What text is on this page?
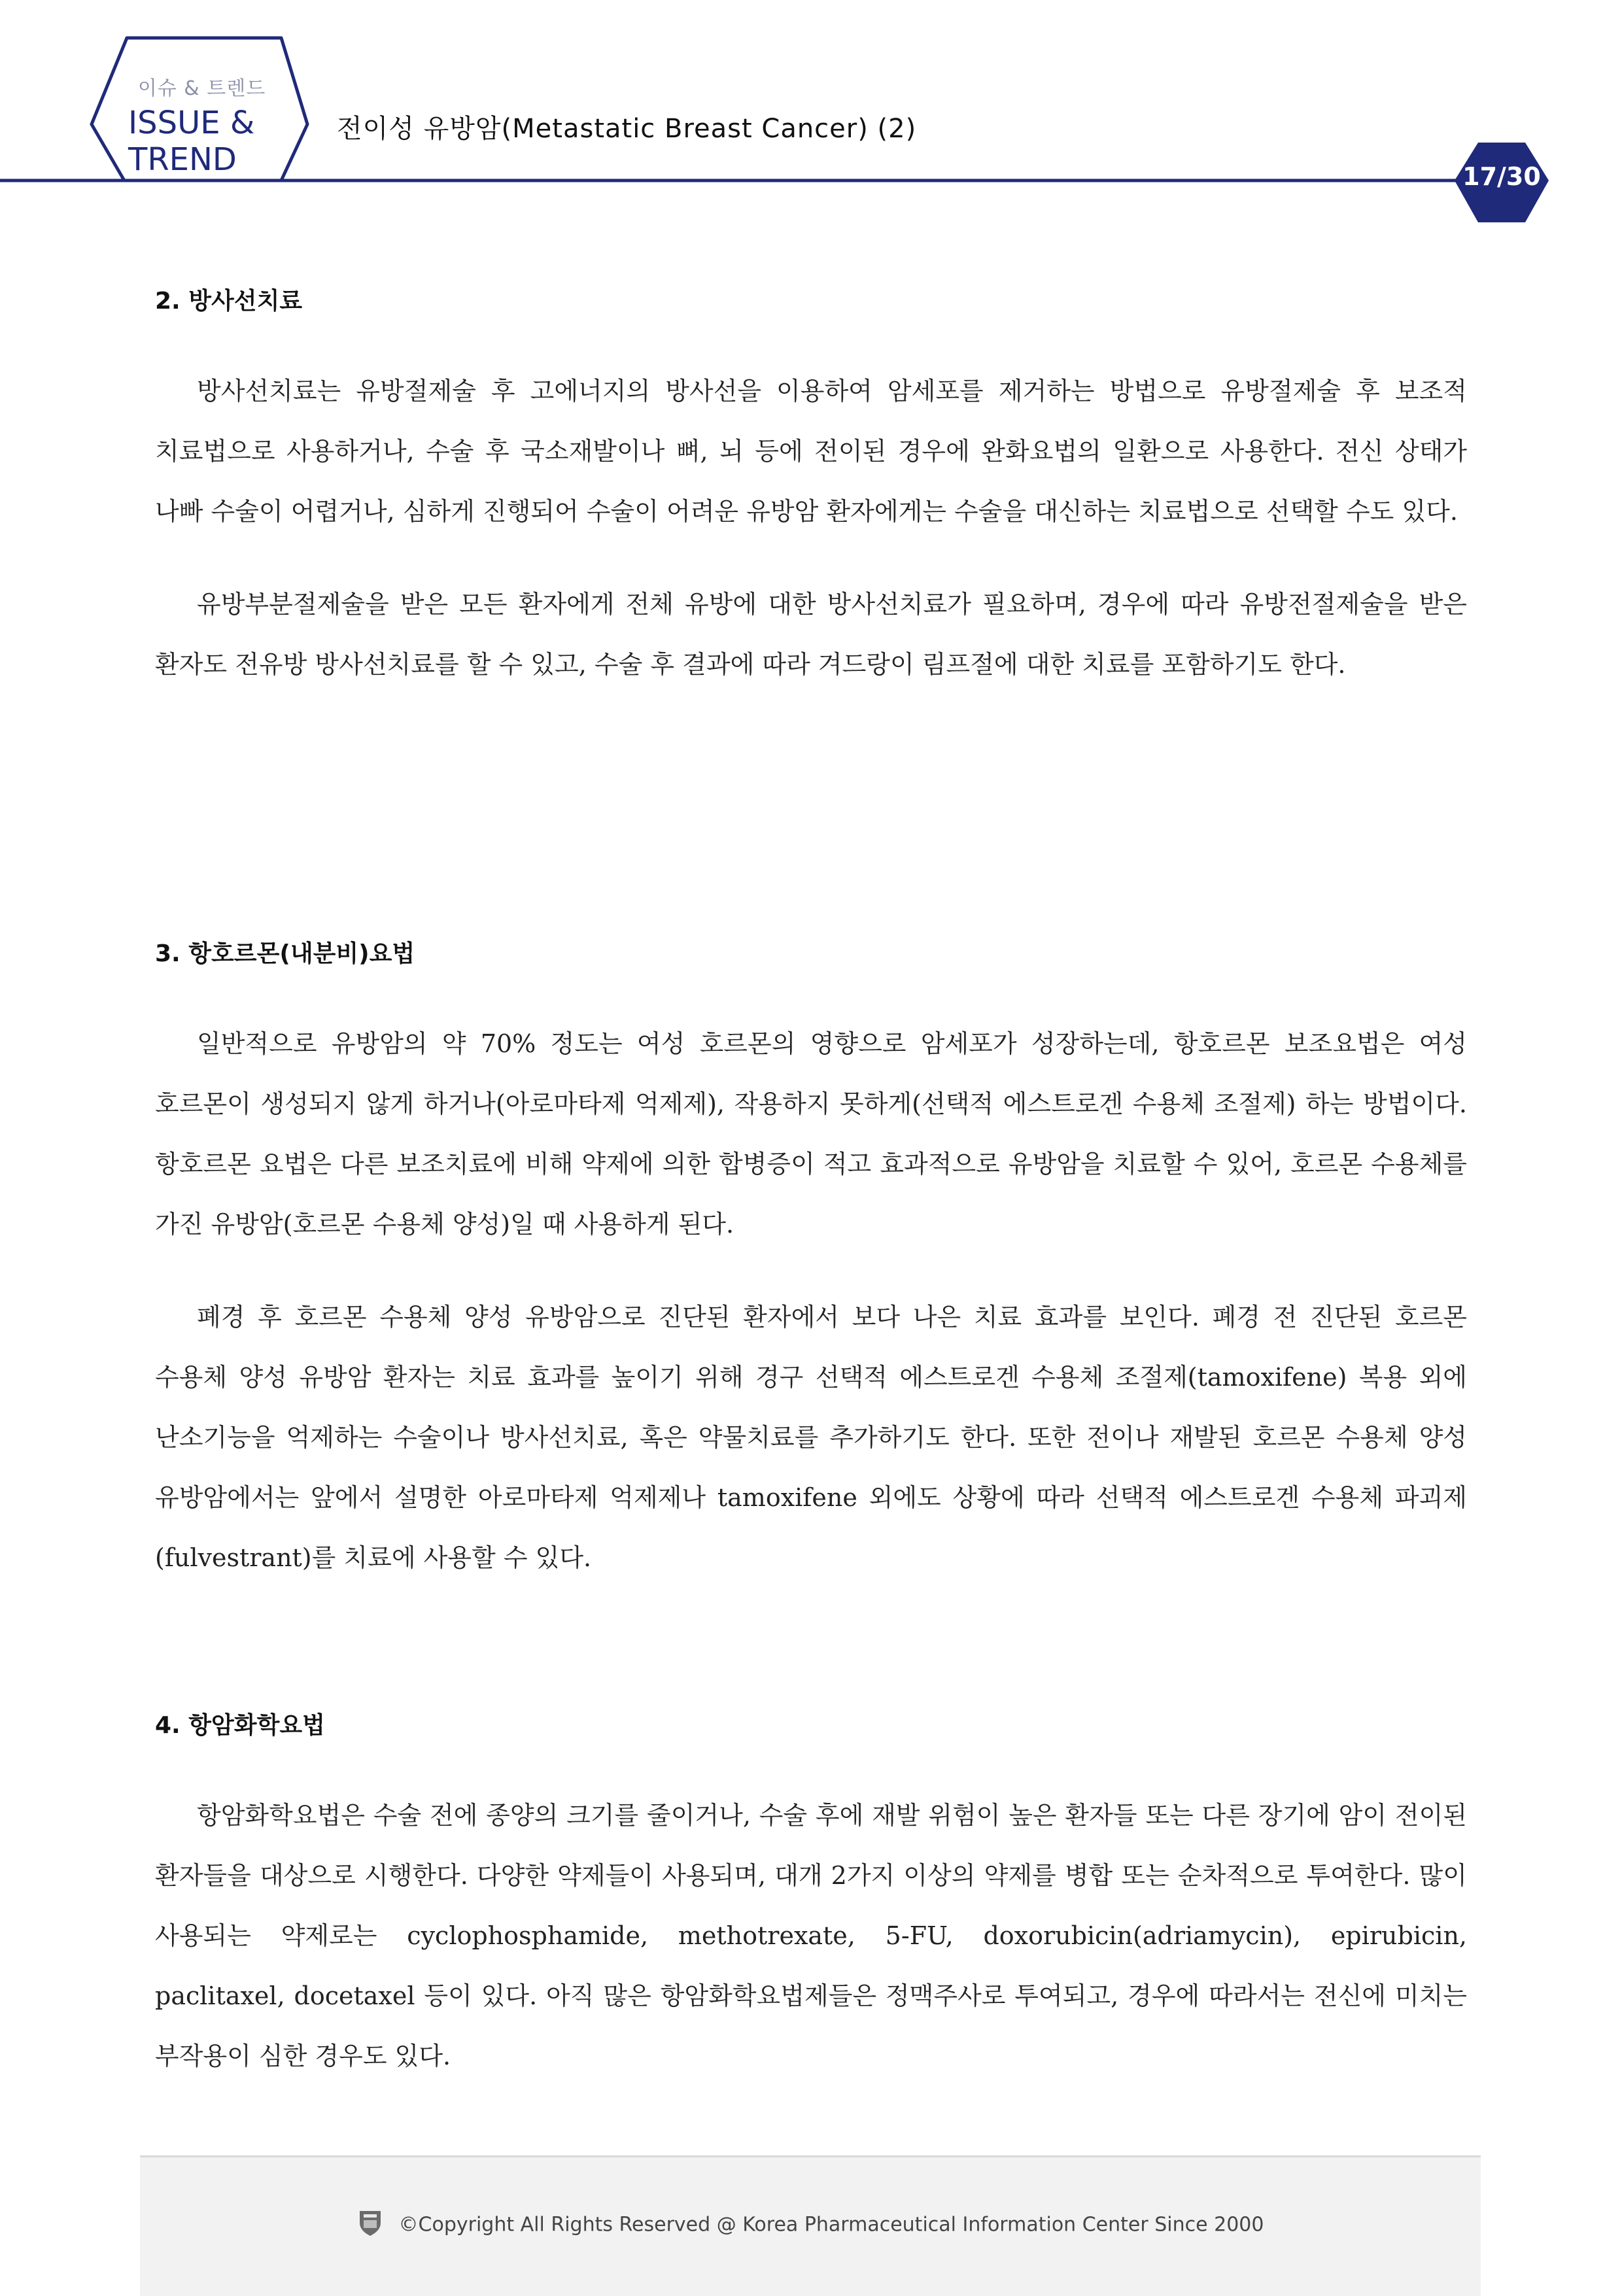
이슈 & 트렌드
ISSUE &
TREND
전이성 유방암(Metastatic Breast Cancer) (2)
17/30
2. 방사선치료

방사선치료는 유방절제술 후 고에너지의 방사선을 이용하여 암세포를 제거하는 방법으로 유방절제술 후 보조적 치료법으로 사용하거나, 수술 후 국소재발이나 뼈, 뇌 등에 전이된 경우에 완화요법의 일환으로 사용한다. 전신 상태가 나빠 수술이 어렵거나, 심하게 진행되어 수술이 어려운 유방암 환자에게는 수술을 대신하는 치료법으로 선택할 수도 있다.

유방부분절제술을 받은 모든 환자에게 전체 유방에 대한 방사선치료가 필요하며, 경우에 따라 유방전절제술을 받은 환자도 전유방 방사선치료를 할 수 있고, 수술 후 결과에 따라 겨드랑이 림프절에 대한 치료를 포함하기도 한다.

3. 항호르몬(내분비)요법

일반적으로 유방암의 약 70% 정도는 여성 호르몬의 영향으로 암세포가 성장하는데, 항호르몬 보조요법은 여성 호르몬이 생성되지 않게 하거나(아로마타제 억제제), 작용하지 못하게(선택적 에스트로겐 수용체 조절제) 하는 방법이다. 항호르몬 요법은 다른 보조치료에 비해 약제에 의한 합병증이 적고 효과적으로 유방암을 치료할 수 있어, 호르몬 수용체를 가진 유방암(호르몬 수용체 양성)일 때 사용하게 된다.

폐경 후 호르몬 수용체 양성 유방암으로 진단된 환자에서 보다 나은 치료 효과를 보인다. 폐경 전 진단된 호르몬 수용체 양성 유방암 환자는 치료 효과를 높이기 위해 경구 선택적 에스트로겐 수용체 조절제(tamoxifene) 복용 외에 난소기능을 억제하는 수술이나 방사선치료, 혹은 약물치료를 추가하기도 한다. 또한 전이나 재발된 호르몬 수용체 양성 유방암에서는 앞에서 설명한 아로마타제 억제제나 tamoxifene 외에도 상황에 따라 선택적 에스트로겐 수용체 파괴제(fulvestrant)를 치료에 사용할 수 있다.

4. 항암화학요법

항암화학요법은 수술 전에 종양의 크기를 줄이거나, 수술 후에 재발 위험이 높은 환자들 또는 다른 장기에 암이 전이된 환자들을 대상으로 시행한다. 다양한 약제들이 사용되며, 대개 2가지 이상의 약제를 병합 또는 순차적으로 투여한다. 많이 사용되는 약제로는 cyclophosphamide, methotrexate, 5-FU, doxorubicin(adriamycin), epirubicin, paclitaxel, docetaxel 등이 있다. 아직 많은 항암화학요법제들은 정맥주사로 투여되고, 경우에 따라서는 전신에 미치는 부작용이 심한 경우도 있다.

©Copyright All Rights Reserved @ Korea Pharmaceutical Information Center Since 2000
